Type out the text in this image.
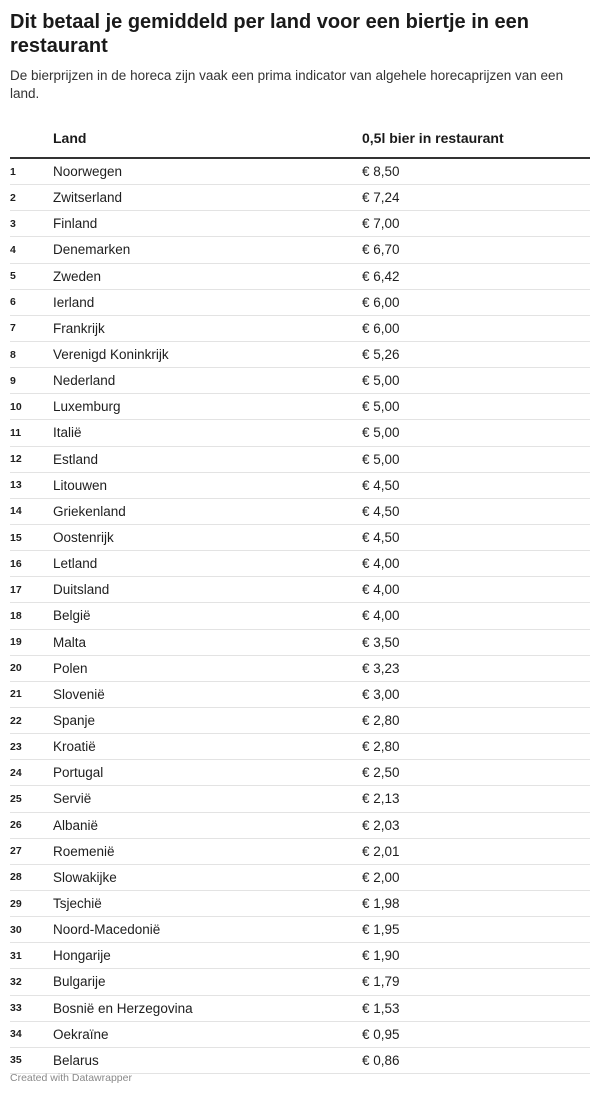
Dit betaal je gemiddeld per land voor een biertje in een restaurant

De bierprijzen in de horeca zijn vaak een prima indicator van algehele horecaprijzen van een land.

	Land	0,5l bier in restaurant
1	Noorwegen	€ 8,50
2	Zwitserland	€ 7,24
3	Finland	€ 7,00
4	Denemarken	€ 6,70
5	Zweden	€ 6,42
6	Ierland	€ 6,00
7	Frankrijk	€ 6,00
8	Verenigd Koninkrijk	€ 5,26
9	Nederland	€ 5,00
10	Luxemburg	€ 5,00
11	Italië	€ 5,00
12	Estland	€ 5,00
13	Litouwen	€ 4,50
14	Griekenland	€ 4,50
15	Oostenrijk	€ 4,50
16	Letland	€ 4,00
17	Duitsland	€ 4,00
18	België	€ 4,00
19	Malta	€ 3,50
20	Polen	€ 3,23
21	Slovenië	€ 3,00
22	Spanje	€ 2,80
23	Kroatië	€ 2,80
24	Portugal	€ 2,50
25	Servië	€ 2,13
26	Albanië	€ 2,03
27	Roemenië	€ 2,01
28	Slowakijke	€ 2,00
29	Tsjechië	€ 1,98
30	Noord-Macedonië	€ 1,95
31	Hongarije	€ 1,90
32	Bulgarije	€ 1,79
33	Bosnië en Herzegovina	€ 1,53
34	Oekraïne	€ 0,95
35	Belarus	€ 0,86
Created with Datawrapper
